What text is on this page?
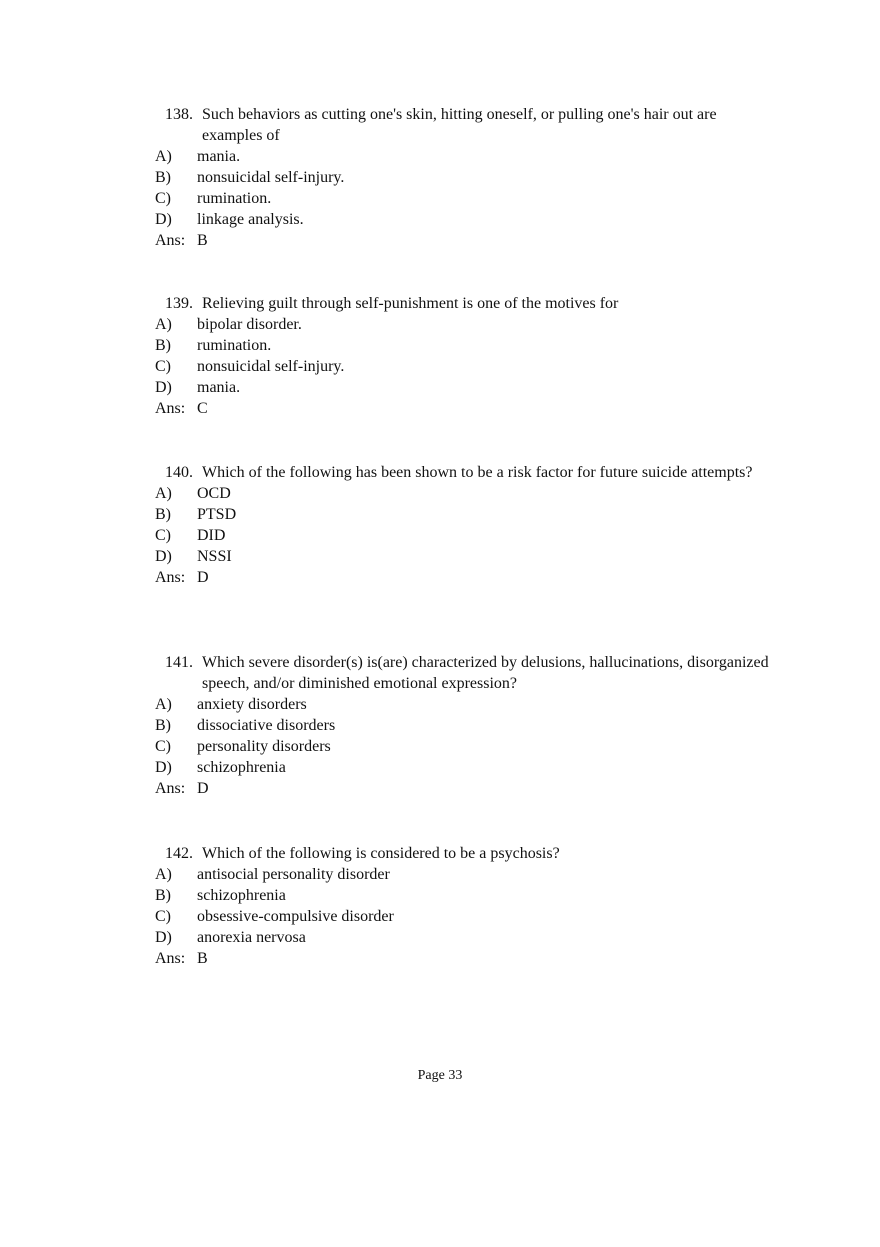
138. Such behaviors as cutting one's skin, hitting oneself, or pulling one's hair out are examples of
A) mania.
B) nonsuicidal self-injury.
C) rumination.
D) linkage analysis.
Ans: B
139. Relieving guilt through self-punishment is one of the motives for
A) bipolar disorder.
B) rumination.
C) nonsuicidal self-injury.
D) mania.
Ans: C
140. Which of the following has been shown to be a risk factor for future suicide attempts?
A) OCD
B) PTSD
C) DID
D) NSSI
Ans: D
141. Which severe disorder(s) is(are) characterized by delusions, hallucinations, disorganized speech, and/or diminished emotional expression?
A) anxiety disorders
B) dissociative disorders
C) personality disorders
D) schizophrenia
Ans: D
142. Which of the following is considered to be a psychosis?
A) antisocial personality disorder
B) schizophrenia
C) obsessive-compulsive disorder
D) anorexia nervosa
Ans: B
Page 33
